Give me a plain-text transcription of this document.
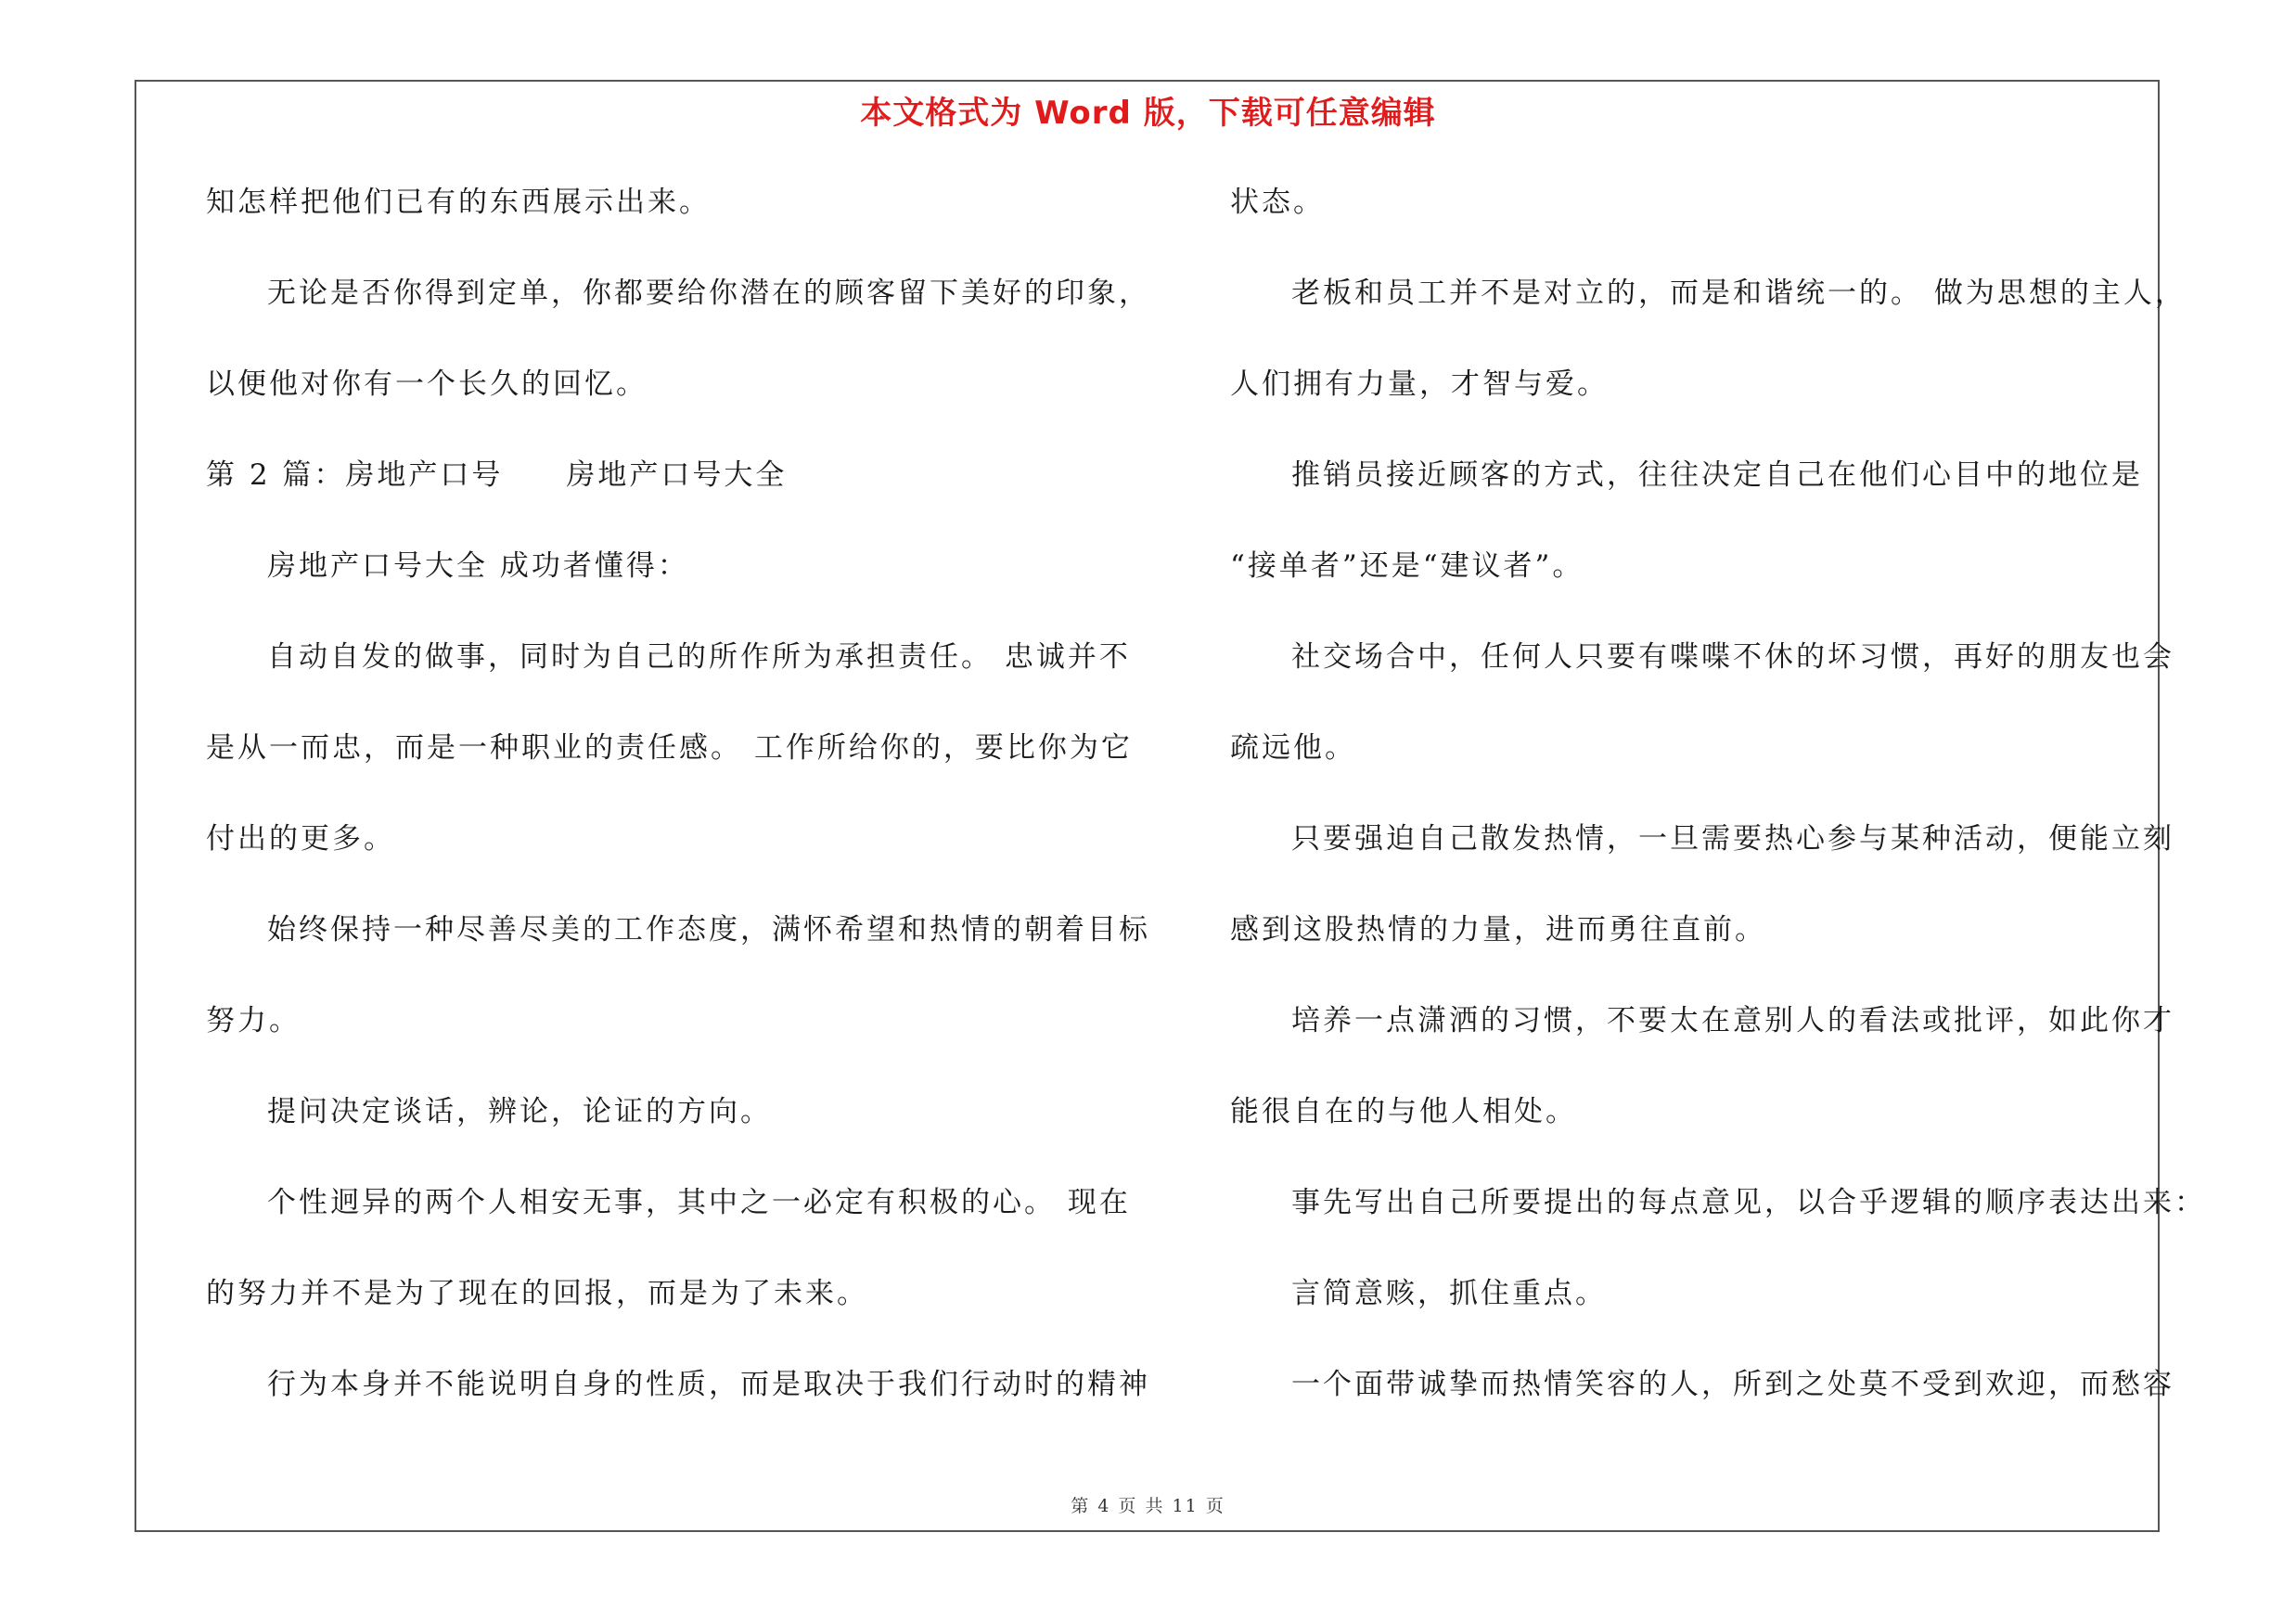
本文格式为 Word 版，下载可任意编辑
知怎样把他们已有的东西展示出来。
无论是否你得到定单，你都要给你潜在的顾客留下美好的印象，
以便他对你有一个长久的回忆。
第 2 篇：房地产口号　　房地产口号大全
房地产口号大全 成功者懂得：
自动自发的做事，同时为自己的所作所为承担责任。 忠诚并不
是从一而忠，而是一种职业的责任感。 工作所给你的，要比你为它
付出的更多。
始终保持一种尽善尽美的工作态度，满怀希望和热情的朝着目标
努力。
提问决定谈话，辨论，论证的方向。
个性迥异的两个人相安无事，其中之一必定有积极的心。 现在
的努力并不是为了现在的回报，而是为了未来。
行为本身并不能说明自身的性质，而是取决于我们行动时的精神
状态。
老板和员工并不是对立的，而是和谐统一的。 做为思想的主人，
人们拥有力量，才智与爱。
推销员接近顾客的方式，往往决定自己在他们心目中的地位是
“接单者”还是“建议者”。
社交场合中，任何人只要有喋喋不休的坏习惯，再好的朋友也会
疏远他。
只要强迫自己散发热情，一旦需要热心参与某种活动，便能立刻
感到这股热情的力量，进而勇往直前。
培养一点潇洒的习惯，不要太在意别人的看法或批评，如此你才
能很自在的与他人相处。
事先写出自己所要提出的每点意见，以合乎逻辑的顺序表达出来：
言简意赅，抓住重点。
一个面带诚挚而热情笑容的人，所到之处莫不受到欢迎，而愁容
第 4 页 共 11 页
